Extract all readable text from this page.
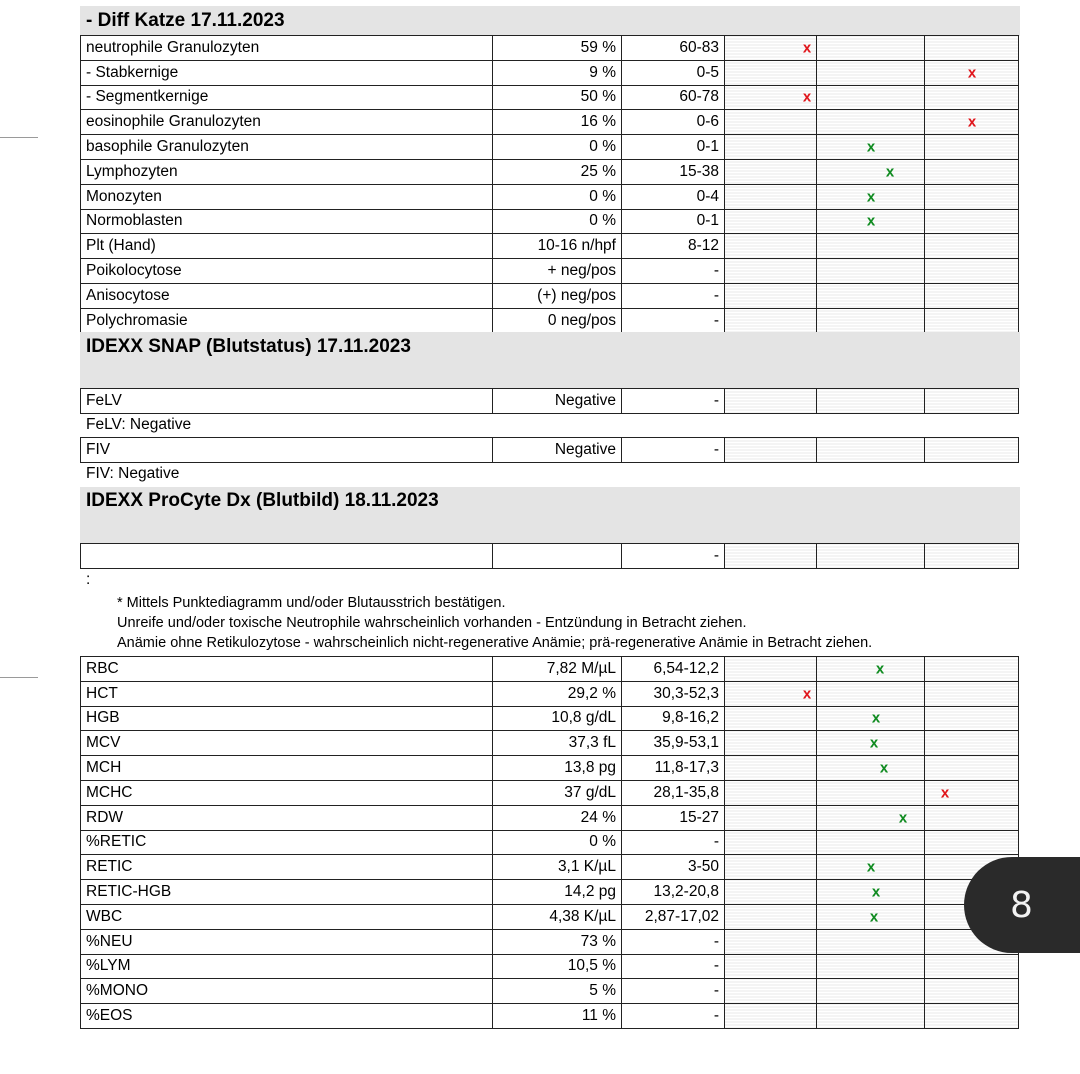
- Diff Katze 17.11.2023
neutrophile Granulozyten	59 %	60-83	x		

- Stabkernige	9 %	0-5			x

- Segmentkernige	50 %	60-78	x		

eosinophile Granulozyten	16 %	0-6			x

basophile Granulozyten	0 %	0-1		x	

Lymphozyten	25 %	15-38		x	

Monozyten	0 %	0-4		x	

Normoblasten	0 %	0-1		x	

Plt (Hand)	10-16 n/hpf	8-12			
Poikolocytose	+ neg/pos	-			
Anisocytose	(+) neg/pos	-			
Polychromasie	0 neg/pos	-			
IDEXX SNAP (Blutstatus) 17.11.2023
FeLV	Negative	-			
FeLV: Negative
FIV	Negative	-			
FIV: Negative
IDEXX ProCyte Dx (Blutbild) 18.11.2023
		-			
:
* Mittels Punktediagramm und/oder Blutausstrich bestätigen.
Unreife und/oder toxische Neutrophile wahrscheinlich vorhanden - Entzündung in Betracht ziehen.
Anämie ohne Retikulozytose - wahrscheinlich nicht-regenerative Anämie; prä-regenerative Anämie in Betracht ziehen.
RBC	7,82 M/µL	6,54-12,2		x	

HCT	29,2 %	30,3-52,3	x		

HGB	10,8 g/dL	9,8-16,2		x	

MCV	37,3 fL	35,9-53,1		x	

MCH	13,8 pg	11,8-17,3		x	

MCHC	37 g/dL	28,1-35,8			x

RDW	24 %	15-27		x	

%RETIC	0 %	-			
RETIC	3,1 K/µL	3-50		x	

RETIC-HGB	14,2 pg	13,2-20,8		x	

WBC	4,38 K/µL	2,87-17,02		x	

%NEU	73 %	-			
%LYM	10,5 %	-			
%MONO	5 %	-			
%EOS	11 %	-			
8
